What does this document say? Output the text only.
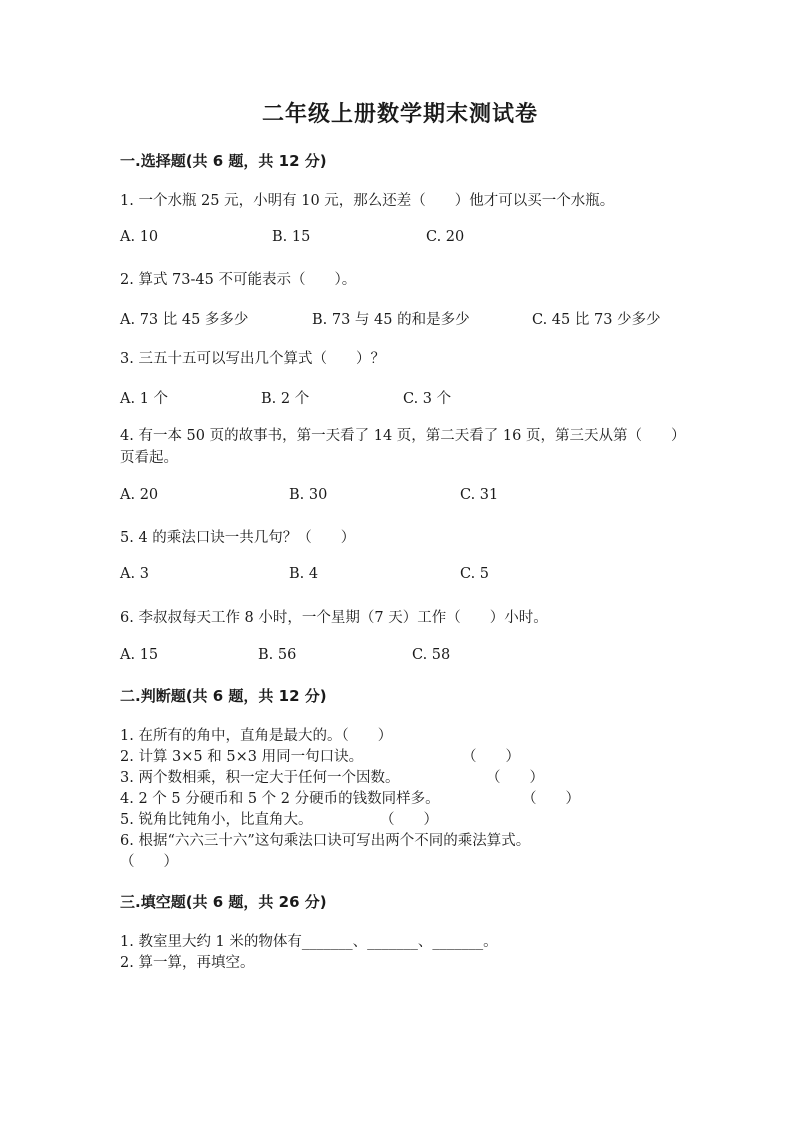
二年级上册数学期末测试卷
一.选择题(共 6 题，共 12 分)
1. 一个水瓶 25 元，小明有 10 元，那么还差（　　）他才可以买一个水瓶。
A. 10	B. 15	C. 20
2. 算式 73-45 不可能表示（　　）。
A. 73 比 45 多多少	B. 73 与 45 的和是多少	C. 45 比 73 少多少
3. 三五十五可以写出几个算式（　　）？
A. 1 个	B. 2 个	C. 3 个
4. 有一本 50 页的故事书，第一天看了 14 页，第二天看了 16 页，第三天从第（　　）页看起。
A. 20	B. 30	C. 31
5. 4 的乘法口诀一共几句？（　　）
A. 3	B. 4	C. 5
6. 李叔叔每天工作 8 小时，一个星期（7 天）工作（　　）小时。
A. 15	B. 56	C. 58
二.判断题(共 6 题，共 12 分)
1. 在所有的角中，直角是最大的。（　　）
2. 计算 3×5 和 5×3 用同一句口诀。	（　　）
3. 两个数相乘，积一定大于任何一个因数。	（　　）
4. 2 个 5 分硬币和 5 个 2 分硬币的钱数同样多。	（　　）
5. 锐角比钝角小，比直角大。	（　　）
6. 根据“六六三十六”这句乘法口诀可写出两个不同的乘法算式。
（　　）
三.填空题(共 6 题，共 26 分)
1. 教室里大约 1 米的物体有_______、_______、_______。
2. 算一算，再填空。
